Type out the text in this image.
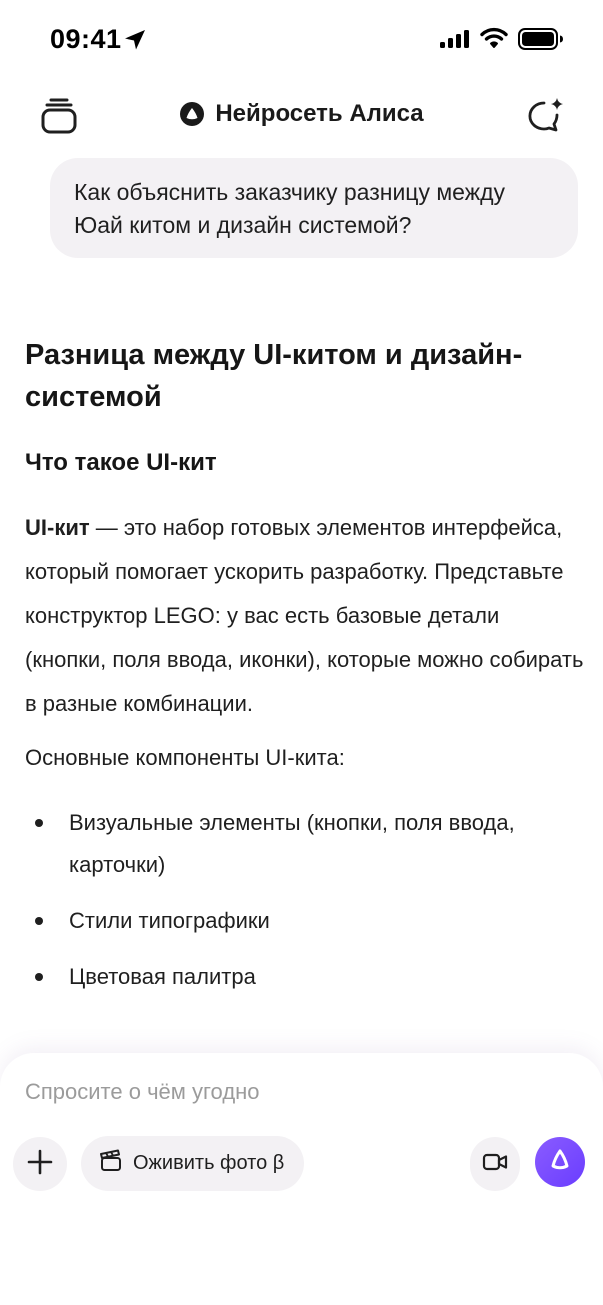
09:41
Нейросеть Алиса
Как объяснить заказчику разницу между Юай китом и дизайн системой?
Разница между UI-китом и дизайн-системой
Что такое UI-кит
UI-кит — это набор готовых элементов интерфейса, который помогает ускорить разработку. Представьте конструктор LEGO: у вас есть базовые детали (кнопки, поля ввода, иконки), которые можно собирать в разные комбинации.
Основные компоненты UI-кита:
Визуальные элементы (кнопки, поля ввода, карточки)
Стили типографики
Цветовая палитра
Спросите о чём угодно
Оживить фото β
